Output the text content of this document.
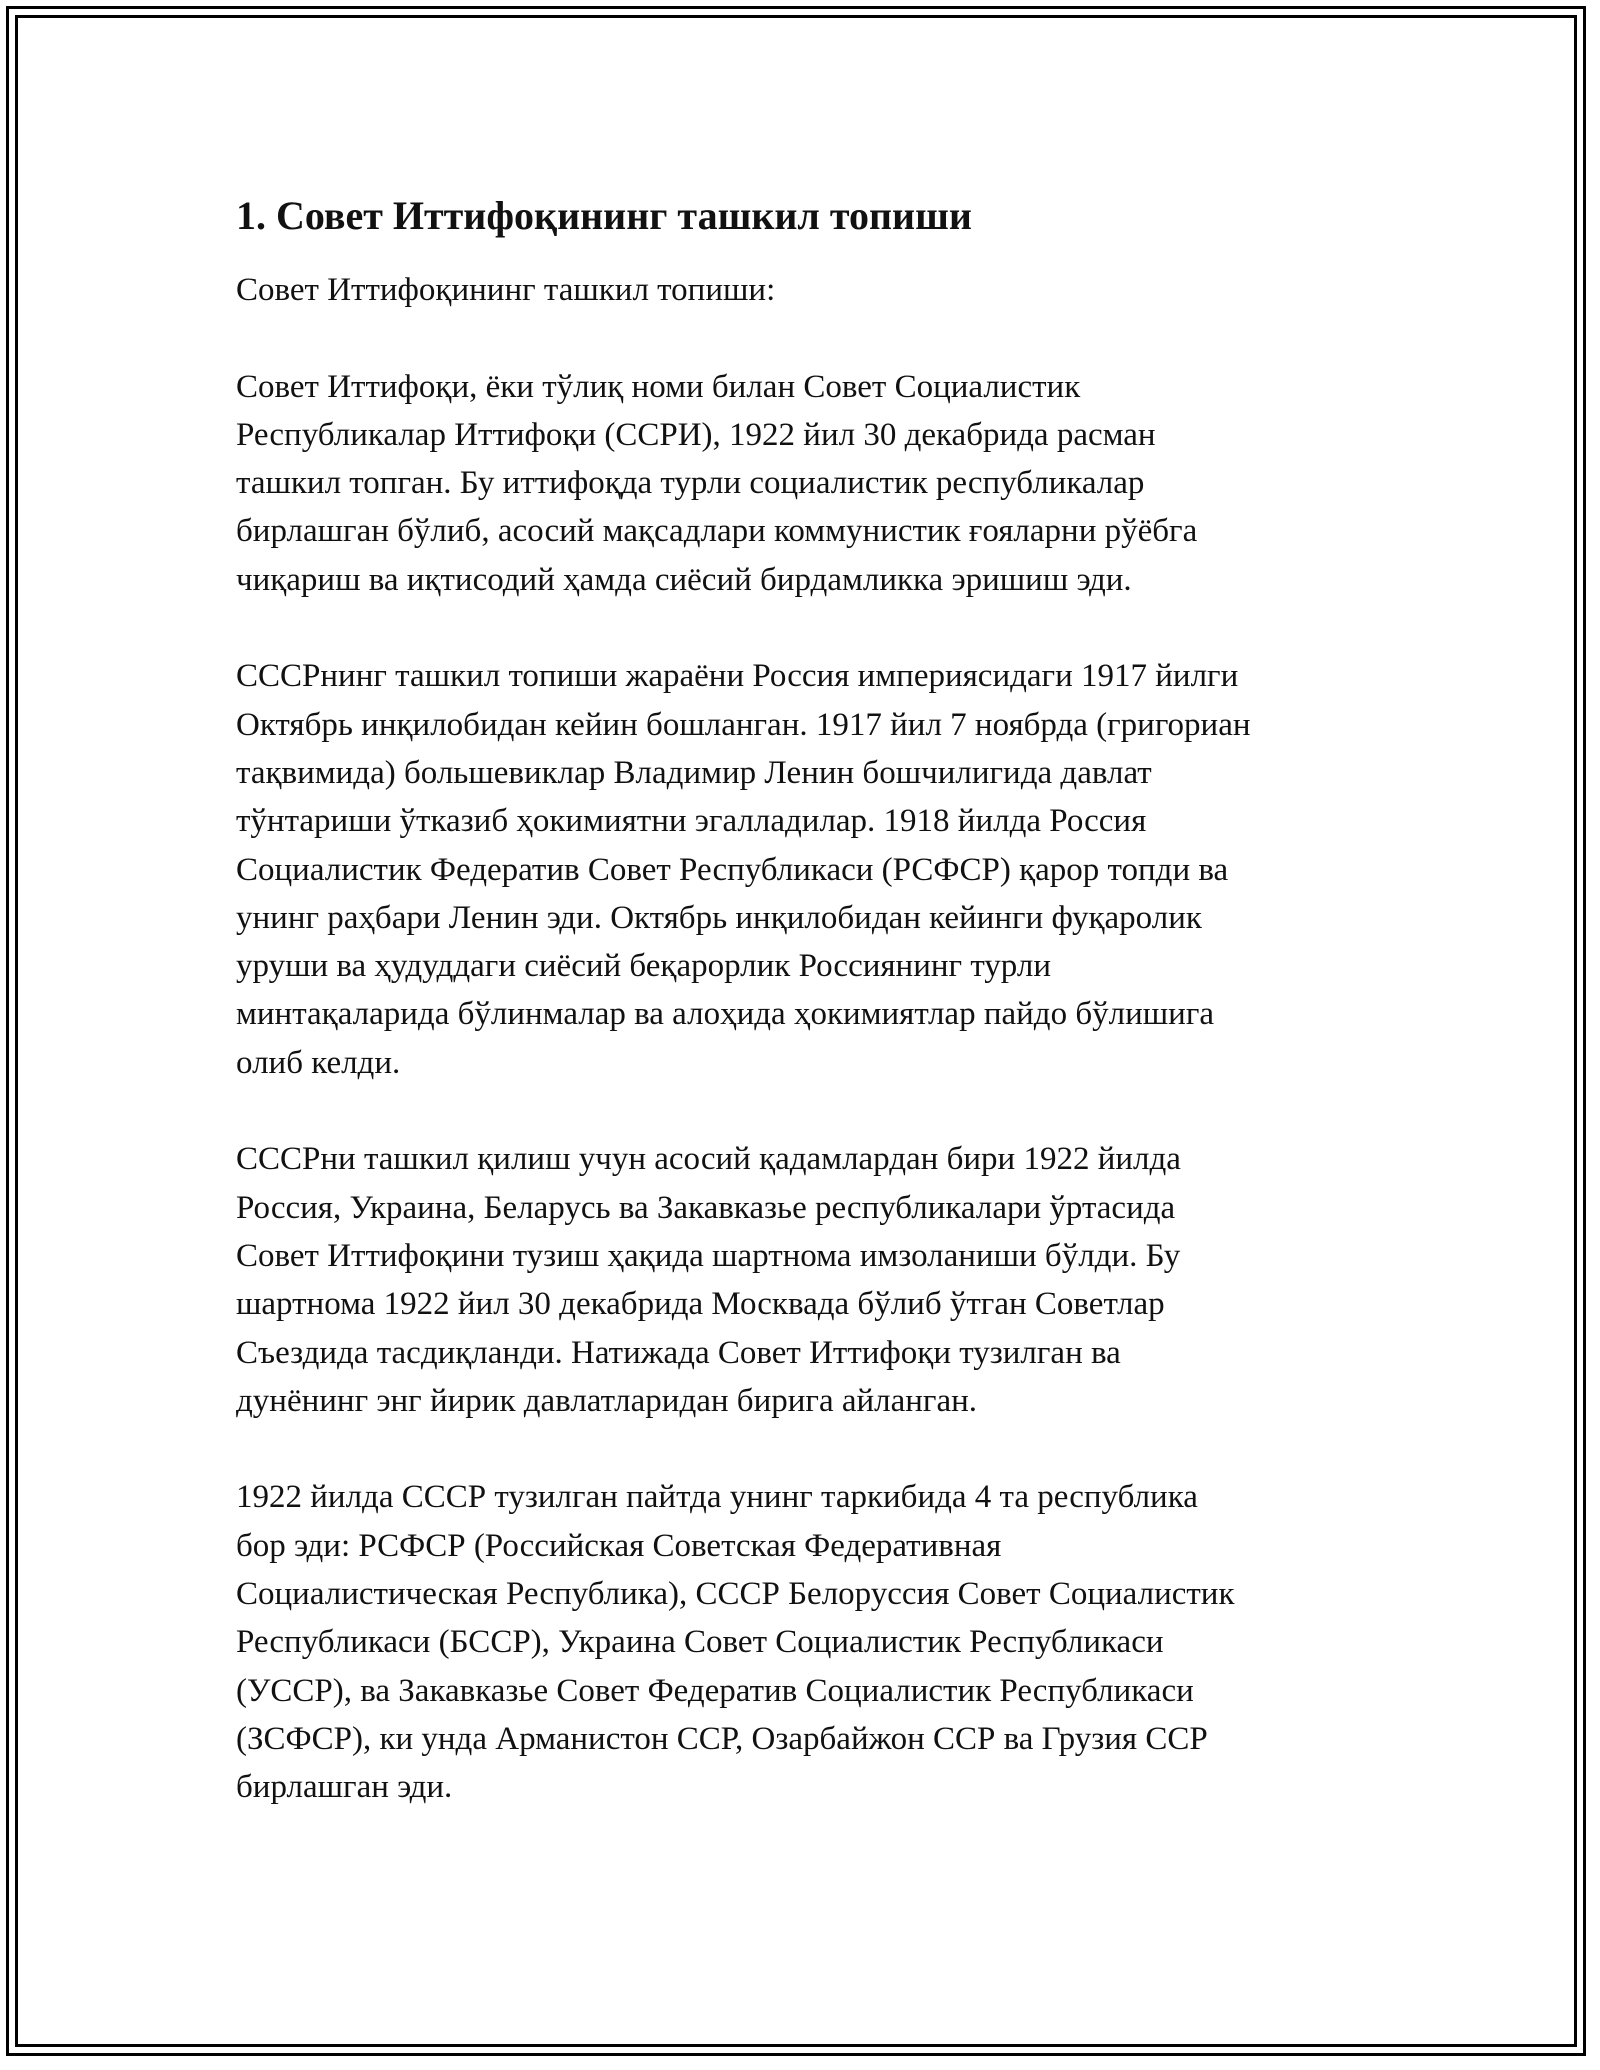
1. Совет Иттифоқининг ташкил топиши

Совет Иттифоқининг ташкил топиши:

Совет Иттифоқи, ёки тўлиқ номи билан Совет Социалистик
Республикалар Иттифоқи (ССРИ), 1922 йил 30 декабрида расман
ташкил топган. Бу иттифоқда турли социалистик республикалар
бирлашган бўлиб, асосий мақсадлари коммунистик ғояларни рўёбга
чиқариш ва иқтисодий ҳамда сиёсий бирдамликка эришиш эди.

СССРнинг ташкил топиши жараёни Россия империясидаги 1917 йилги
Октябрь инқилобидан кейин бошланган. 1917 йил 7 ноябрда (григориан
тақвимида) большевиклар Владимир Ленин бошчилигида давлат
тўнтариши ўтказиб ҳокимиятни эгалладилар. 1918 йилда Россия
Социалистик Федератив Совет Республикаси (РСФСР) қарор топди ва
унинг раҳбари Ленин эди. Октябрь инқилобидан кейинги фуқаролик
уруши ва ҳудуддаги сиёсий беқарорлик Россиянинг турли
минтақаларида бўлинмалар ва алоҳида ҳокимиятлар пайдо бўлишига
олиб келди.

СССРни ташкил қилиш учун асосий қадамлардан бири 1922 йилда
Россия, Украина, Беларусь ва Закавказье республикалари ўртасида
Совет Иттифоқини тузиш ҳақида шартнома имзоланиши бўлди. Бу
шартнома 1922 йил 30 декабрида Москвада бўлиб ўтган Советлар
Съездида тасдиқланди. Натижада Совет Иттифоқи тузилган ва
дунёнинг энг йирик давлатларидан бирига айланган.

1922 йилда СССР тузилган пайтда унинг таркибида 4 та республика
бор эди: РСФСР (Российская Советская Федеративная
Социалистическая Республика), СССР Белоруссия Совет Социалистик
Республикаси (БССР), Украина Совет Социалистик Республикаси
(УССР), ва Закавказье Совет Федератив Социалистик Республикаси
(ЗСФСР), ки унда Арманистон ССР, Озарбайжон ССР ва Грузия ССР
бирлашган эди.
